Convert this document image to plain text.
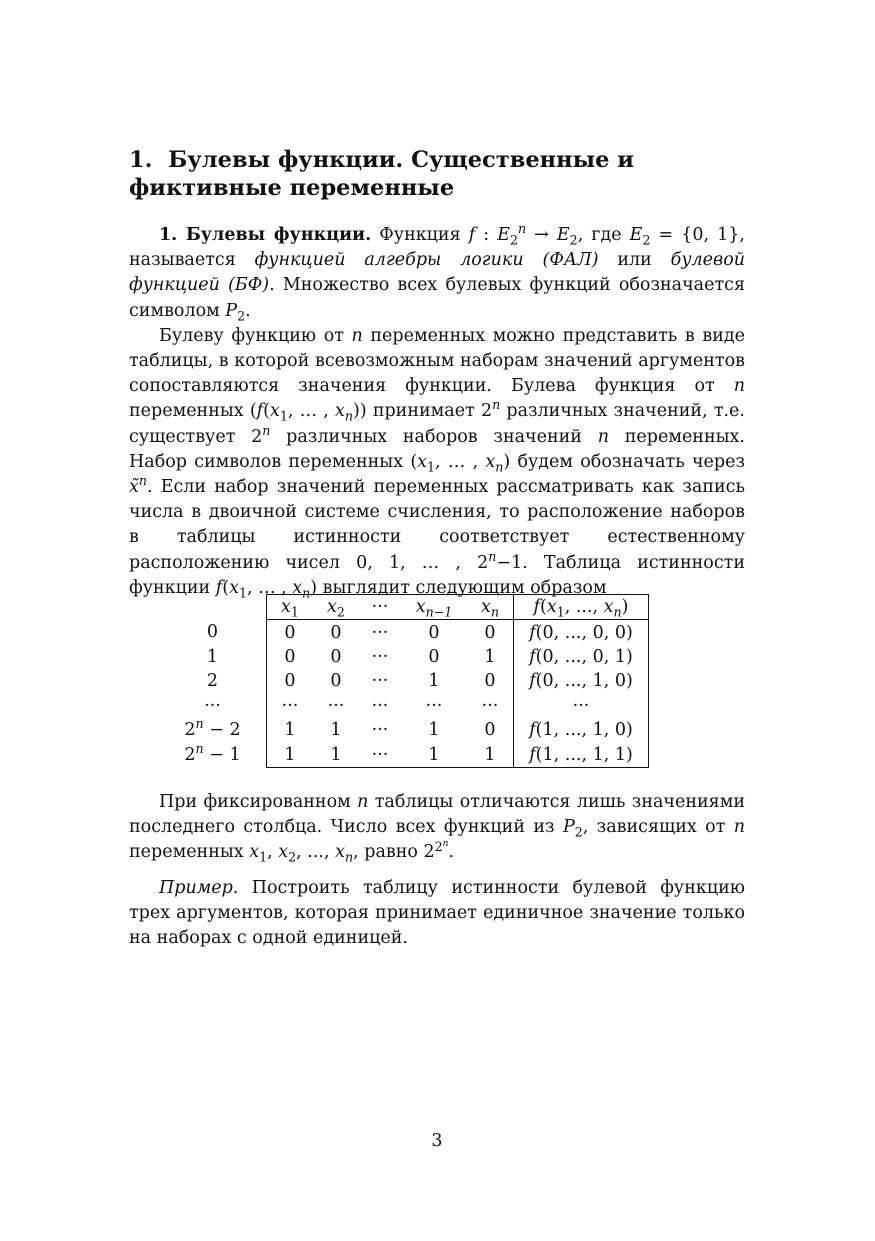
1. Булевы функции. Существенные и
фиктивные переменные

1. Булевы функции. Функция f : $E_2^n \to E_2$, где $E_2 = \{0$, 1}, называется функцией алгебры логики (ФАЛ) или булевой функцией (БФ). Множество всех булевых функций обозначается символом $P_2$.

Булеву функцию от n переменных можно представить в виде таблицы, в которой всевозможным наборам значений аргументов сопоставляются значения функции. Булева функция от n переменных ($f(x_1$, … , $x_n$)) принимает 2$^n$ различных значений, т.е. существует 2$^n$ различных наборов значений n переменных. Набор символов переменных ($x_1$, … , $x_n$) будем обозначать через x̃$^n$. Если набор значений переменных рассматривать как запись числа в двоичной системе счисления, то расположение наборов в таблицы истинности соответствует естественному расположению чисел 0, 1, … , $2^n-1$. Таблица истинности функции $f(x_1$, … , $x_n$) выглядит следующим образом

	$x_1$	$x_2$	···	$x_{n-1}$	$x_n$	$f(x_1$, ..., $x_n$)
0	0	0	···	0	0	f(0, ..., 0, 0)
1	0	0	···	0	1	f(0, ..., 0, 1)
2	0	0	···	1	0	f(0, ..., 1, 0)
···	···	···	···	···	···	···
$2^n - 2$	1	1	···	1	0	f(1, ..., 1, 0)
$2^n - 1$	1	1	···	1	1	f(1, ..., 1, 1)

При фиксированном n таблицы отличаются лишь значениями последнего столбца. Число всех функций из $P_2$, зависящих от n переменных $x_1$, $x_2$, ..., $x_n$, равно $2^{2^n}$.

Пример. Построить таблицу истинности булевой функцию трех аргументов, которая принимает единичное значение только на наборах с одной единицей.

3
